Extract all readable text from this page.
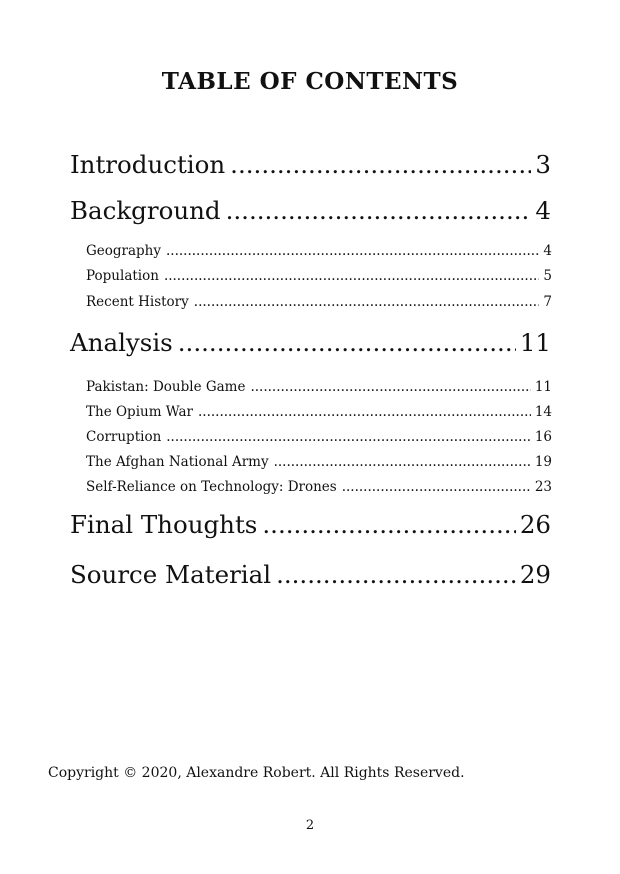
TABLE OF CONTENTS
Introduction .....	3
Background .....	4
Geography .....	4
Population .....	5
Recent History .....	7
Analysis .....	11
Pakistan: Double Game .....	11
The Opium War .....	14
Corruption .....	16
The Afghan National Army .....	19
Self-Reliance on Technology: Drones .....	23
Final Thoughts .....	26
Source Material .....	29
Copyright © 2020, Alexandre Robert. All Rights Reserved.
2
